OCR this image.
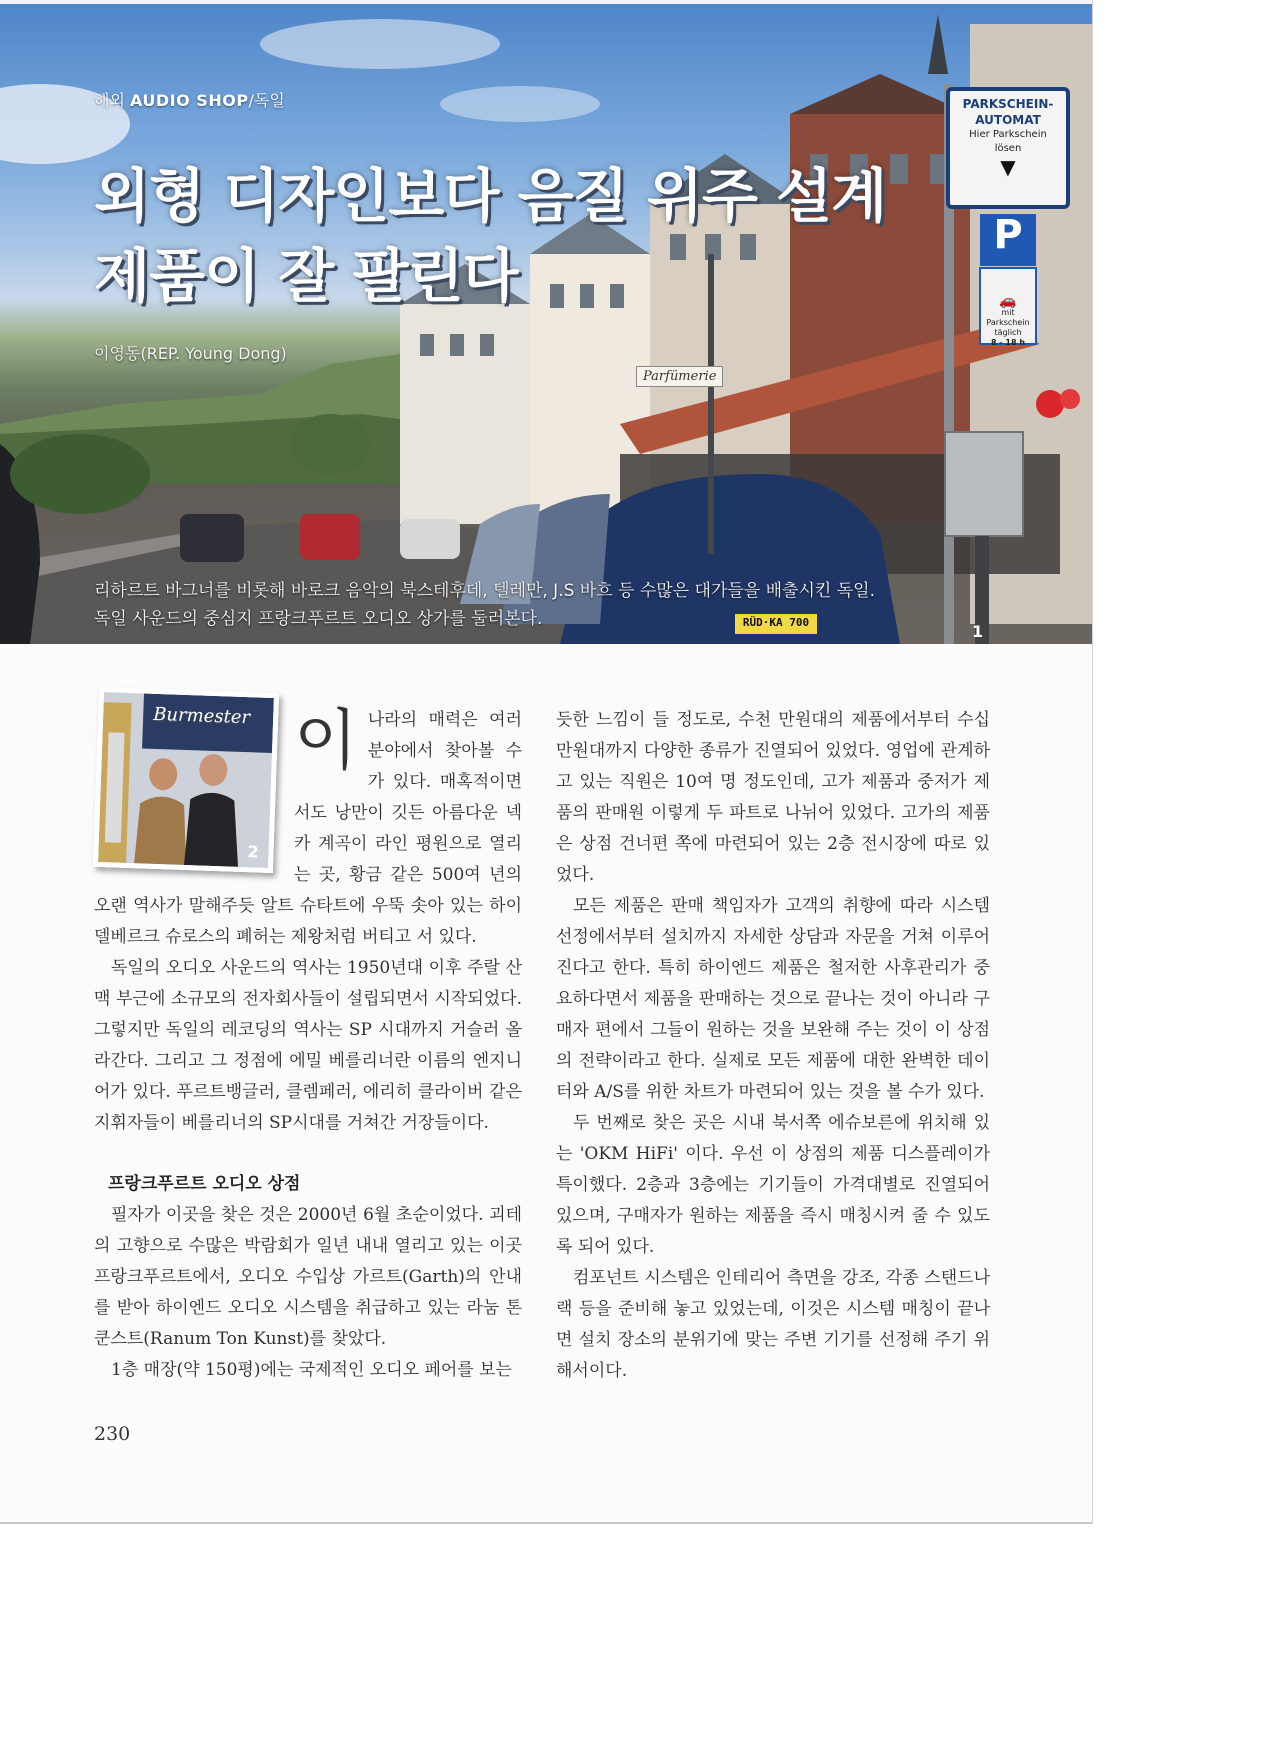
PARKSCHEIN-
AUTOMAT
Hier Parkschein
lösen
▼
P
🚗
mit
Parkschein
täglich
8 - 18 h
Parfümerie
RÜD·KA 700
해외 AUDIO SHOP/독일
외형 디자인보다 음질 위주 설계
제품이 잘 팔린다
이영동(REP. Young Dong)
리하르트 바그너를 비롯해 바로크 음악의 북스테후데, 텔레만, J.S 바흐 등 수많은 대가들을 배출시킨 독일.
독일 사운드의 중심지 프랑크푸르트 오디오 상가를 둘러본다.
1
Burmester
2

이나라의 매력은 여러 분야에서 찾아볼 수 가 있다. 매혹적이면서도 낭만이 깃든 아름다운 넥카 계곡이 라인 평원으로 열리는 곳, 황금 같은 500여 년의 오랜 역사가 말해주듯 알트 슈타트에 우뚝 솟아 있는 하이델베르크 슈로스의 폐허는 제왕처럼 버티고 서 있다.

독일의 오디오 사운드의 역사는 1950년대 이후 주랄 산맥 부근에 소규모의 전자회사들이 설립되면서 시작되었다. 그렇지만 독일의 레코딩의 역사는 SP 시대까지 거슬러 올라간다. 그리고 그 정점에 에밀 베를리너란 이름의 엔지니어가 있다. 푸르트뱅글러, 클렘페러, 에리히 클라이버 같은 지휘자들이 베를리너의 SP시대를 거쳐간 거장들이다.

프랑크푸르트 오디오 상점

필자가 이곳을 찾은 것은 2000년 6월 초순이었다. 괴테의 고향으로 수많은 박람회가 일년 내내 열리고 있는 이곳 프랑크푸르트에서, 오디오 수입상 가르트(Garth)의 안내를 받아 하이엔드 오디오 시스템을 취급하고 있는 라눔 톤 쿤스트(Ranum Ton Kunst)를 찾았다.

1층 매장(약 150평)에는 국제적인 오디오 페어를 보는

듯한 느낌이 들 정도로, 수천 만원대의 제품에서부터 수십 만원대까지 다양한 종류가 진열되어 있었다. 영업에 관계하고 있는 직원은 10여 명 정도인데, 고가 제품과 중저가 제품의 판매원 이렇게 두 파트로 나뉘어 있었다. 고가의 제품은 상점 건너편 쪽에 마련되어 있는 2층 전시장에 따로 있었다.

모든 제품은 판매 책임자가 고객의 취향에 따라 시스템 선정에서부터 설치까지 자세한 상담과 자문을 거쳐 이루어진다고 한다. 특히 하이엔드 제품은 철저한 사후관리가 중요하다면서 제품을 판매하는 것으로 끝나는 것이 아니라 구매자 편에서 그들이 원하는 것을 보완해 주는 것이 이 상점의 전략이라고 한다. 실제로 모든 제품에 대한 완벽한 데이터와 A/S를 위한 차트가 마련되어 있는 것을 볼 수가 있다.

두 번째로 찾은 곳은 시내 북서쪽 에슈보른에 위치해 있는 'OKM HiFi' 이다. 우선 이 상점의 제품 디스플레이가 특이했다. 2층과 3층에는 기기들이 가격대별로 진열되어 있으며, 구매자가 원하는 제품을 즉시 매칭시켜 줄 수 있도록 되어 있다.

컴포넌트 시스템은 인테리어 측면을 강조, 각종 스탠드나 랙 등을 준비해 놓고 있었는데, 이것은 시스템 매칭이 끝나면 설치 장소의 분위기에 맞는 주변 기기를 선정해 주기 위해서이다.

230
